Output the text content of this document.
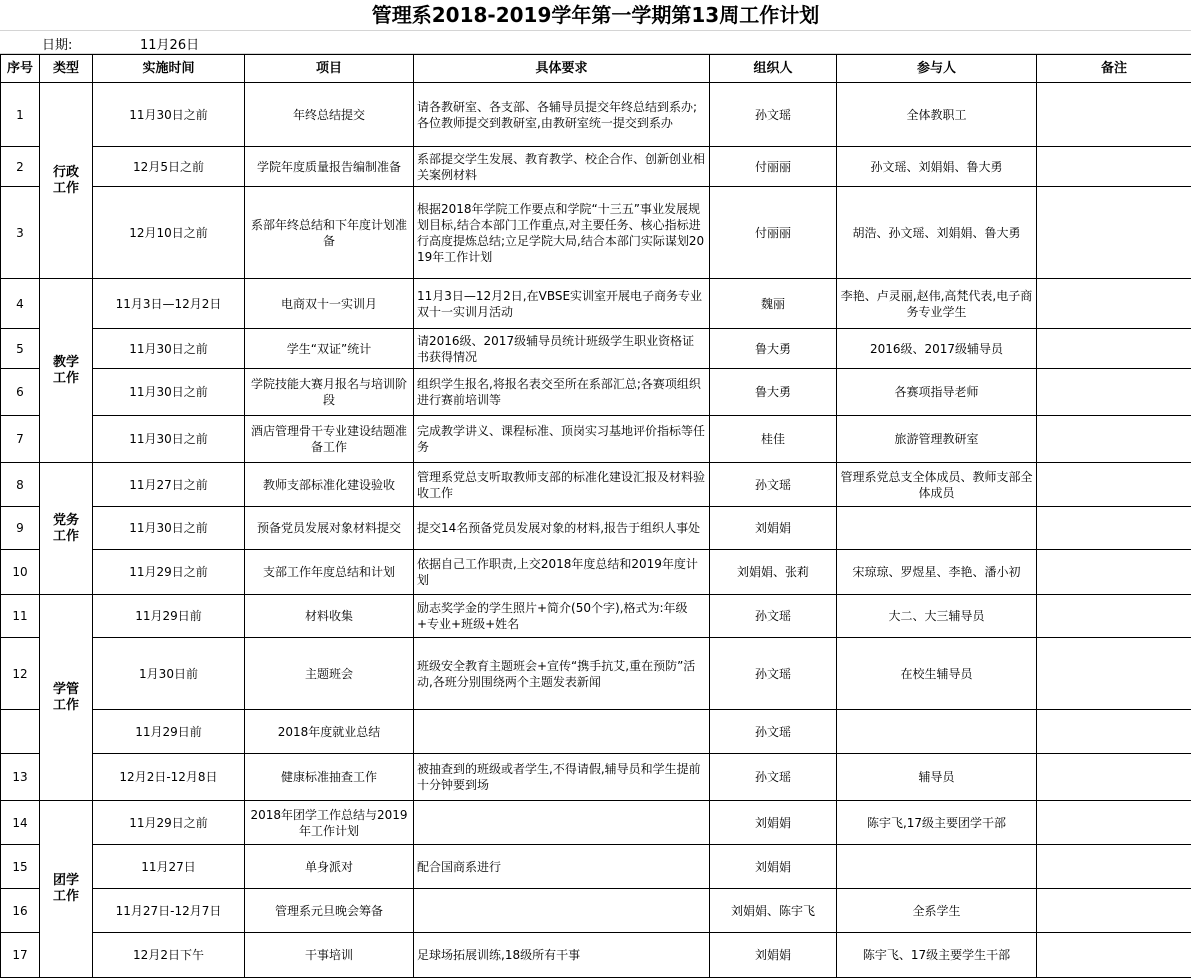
管理系2018-2019学年第一学期第13周工作计划
日期:	11月26日
序号	类型	实施时间	项目	具体要求	组织人	参与人	备注
1	行政工作	11月30日之前	年终总结提交	请各教研室、各支部、各辅导员提交年终总结到系办;各位教师提交到教研室,由教研室统一提交到系办	孙文瑶	全体教职工	
2		12月5日之前	学院年度质量报告编制准备	系部提交学生发展、教育教学、校企合作、创新创业相关案例材料	付丽丽	孙文瑶、刘娟娟、鲁大勇	
3		12月10日之前	系部年终总结和下年度计划准备	根据2018年学院工作要点和学院“十三五”事业发展规划目标,结合本部门工作重点,对主要任务、核心指标进行高度提炼总结;立足学院大局,结合本部门实际谋划2019年工作计划	付丽丽	胡浩、孙文瑶、刘娟娟、鲁大勇	
4	教学工作	11月3日—12月2日	电商双十一实训月	11月3日—12月2日,在VBSE实训室开展电子商务专业双十一实训月活动	魏丽	李艳、卢灵丽,赵伟,高梵代表,电子商务专业学生	
5		11月30日之前	学生“双证”统计	请2016级、2017级辅导员统计班级学生职业资格证书获得情况	鲁大勇	2016级、2017级辅导员	
6		11月30日之前	学院技能大赛月报名与培训阶段	组织学生报名,将报名表交至所在系部汇总;各赛项组织进行赛前培训等	鲁大勇	各赛项指导老师	
7		11月30日之前	酒店管理骨干专业建设结题准备工作	完成教学讲义、课程标准、顶岗实习基地评价指标等任务	桂佳	旅游管理教研室	
8	党务工作	11月27日之前	教师支部标准化建设验收	管理系党总支听取教师支部的标准化建设汇报及材料验收工作	孙文瑶	管理系党总支全体成员、教师支部全体成员	
9		11月30日之前	预备党员发展对象材料提交	提交14名预备党员发展对象的材料,报告于组织人事处	刘娟娟		
10		11月29日之前	支部工作年度总结和计划	依据自己工作职责,上交2018年度总结和2019年度计划	刘娟娟、张莉	宋琼琼、罗煜星、李艳、潘小初	
11	学管工作	11月29日前	材料收集	励志奖学金的学生照片+简介(50个字),格式为:年级+专业+班级+姓名	孙文瑶	大二、大三辅导员	
12		1月30日前	主题班会	班级安全教育主题班会+宣传“携手抗艾,重在预防”活动,各班分别围绕两个主题发表新闻	孙文瑶	在校生辅导员	
		11月29日前	2018年度就业总结		孙文瑶		
13		12月2日-12月8日	健康标准抽查工作	被抽查到的班级或者学生,不得请假,辅导员和学生提前十分钟要到场	孙文瑶	辅导员	
14	团学工作	11月29日之前	2018年团学工作总结与2019年工作计划		刘娟娟	陈宇飞,17级主要团学干部	
15		11月27日	单身派对	配合国商系进行	刘娟娟		
16		11月27日-12月7日	管理系元旦晚会筹备		刘娟娟、陈宇飞	全系学生	
17		12月2日下午	干事培训	足球场拓展训练,18级所有干事	刘娟娟	陈宇飞、17级主要学生干部	
